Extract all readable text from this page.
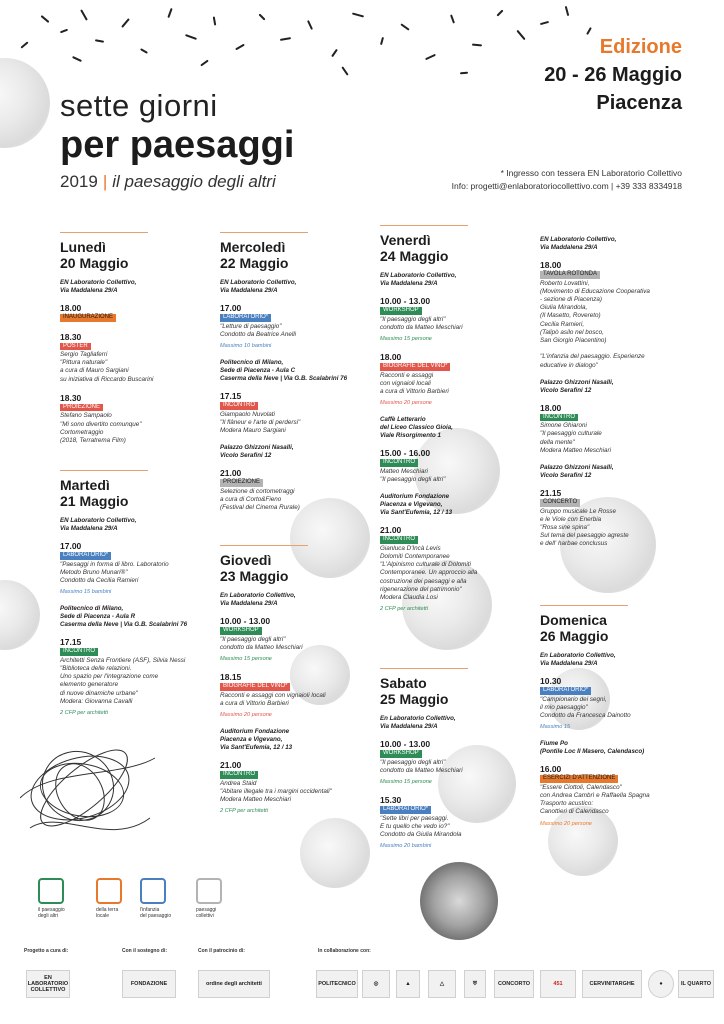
sette giorni
per paesaggi
2019 | il paesaggio degli altri
Edizione
20 - 26 Maggio
Piacenza
* Ingresso con tessera EN Laboratorio Collettivo
Info: progetti@enlaboratoriocollettivo.com | +39 333 8334918
Lunedì
20 Maggio
EN Laboratorio Collettivo,
Via Maddalena 29/A
18.00
INAUGURAZIONE
18.30
POSTER
Sergio Tagliaferri
"Pittura naturale"
a cura di Mauro Sargiani
su iniziativa di Riccardo Buscarini
18.30
PROIEZIONE
Stefano Sampaolo
"Mi sono divertito comunque"
Cortometraggio
(2018, Terratrema Film)
Martedì
21 Maggio
EN Laboratorio Collettivo,
Via Maddalena 29/A
17.00
LABORATORIO*
"Paesaggi in forma di libro. Laboratorio
Metodo Bruno Munari®"
Condotto da Cecilia Ramieri
Massimo 15 bambini
Politecnico di Milano,
Sede di Piacenza - Aula R
Caserma della Neve | Via G.B. Scalabrini 76
17.15
INCONTRO
Architetti Senza Frontiere (ASF), Silvia Nessi
"Biblioteca delle relazioni.
Uno spazio per l'integrazione come
elemento generatore
di nuove dinamiche urbane"
Modera: Giovanna Cavalli
2 CFP per architetti
Mercoledì
22 Maggio
EN Laboratorio Collettivo,
Via Maddalena 29/A
17.00
LABORATORIO*
"Letture di paesaggio"
Condotto da Beatrice Anelli
Massimo 10 bambini
Politecnico di Milano,
Sede di Piacenza - Aula C
Caserma della Neve | Via G.B. Scalabrini 76
17.15
INCONTRO
Giampaolo Nuvolati
"Il flâneur e l'arte di perdersi"
Modera Mauro Sargiani
Palazzo Ghizzoni Nasalli,
Vicolo Serafini 12
21.00
PROIEZIONE
Selezione di cortometraggi
a cura di Corto&Fieno
(Festival del Cinema Rurale)
Giovedì
23 Maggio
En Laboratorio Collettivo,
Via Maddalena 29/A
10.00 - 13.00
WORKSHOP
"Il paesaggio degli altri"
condotto da Matteo Meschiari
Massimo 15 persone
18.15
BIOGRAFIE DEL VINO*
Racconti e assaggi con vignaioli locali
a cura di Vittorio Barbieri
Massimo 20 persone
Auditorium Fondazione
Piacenza e Vigevano,
Via Sant'Eufemia, 12 / 13
21.00
INCONTRO
Andrea Staid
"Abitare illegale tra i margini occidentali"
Modera Matteo Meschiari
2 CFP per architetti
Venerdì
24 Maggio
EN Laboratorio Collettivo,
Via Maddalena 29/A
10.00 - 13.00
WORKSHOP
"Il paesaggio degli altri"
condotto da Matteo Meschiari
Massimo 15 persone
18.00
BIOGRAFIE DEL VINO*
Racconti e assaggi
con vignaioli locali
a cura di Vittorio Barbieri
Massimo 20 persone
Caffè Letterario
del Liceo Classico Gioia,
Viale Risorgimento 1
15.00 - 16.00
INCONTRO
Matteo Meschiari
"Il paesaggio degli altri"
Auditorium Fondazione
Piacenza e Vigevano,
Via Sant'Eufemia, 12 / 13
21.00
INCONTRO
Gianluca D'Incà Levis
Dolomiti Contemporanee
"L'Alpinismo culturale di Dolomiti
Contemporanee. Un approccio alla
costruzione dei paesaggi e alla
rigenerazione del patrimonio"
Modera Claudia Losi
2 CFP per architetti
Sabato
25 Maggio
En Laboratorio Collettivo,
Via Maddalena 29/A
10.00 - 13.00
WORKSHOP
"Il paesaggio degli altri"
condotto da Matteo Meschiari
Massimo 15 persone
15.30
LABORATORIO*
"Sette libri per paesaggi.
E tu quello che vedo io?"
Condotto da Giulia Mirandola
Massimo 20 bambini
EN Laboratorio Collettivo,
Via Maddalena 29/A
18.00
TAVOLA ROTONDA
Roberto Lovattini,
(Movimento di Educazione Cooperativa
- sezione di Piacenza)
Giulia Mirandola,
(Il Masetto, Rovereto)
Cecilia Ramieri,
(Talipò asilo nel bosco,
San Giorgio Piacentino)

"L'infanzia del paesaggio. Esperienze
educative in dialogo"
Palazzo Ghizzoni Nasalli,
Vicolo Serafini 12
18.00
INCONTRO
Simone Ghiaroni
"Il paesaggio culturale
della mente"
Modera Matteo Meschiari
Palazzo Ghizzoni Nasalli,
Vicolo Serafini 12
21.15
CONCERTO
Gruppo musicale Le Rosse
e le Viole con Enerbia
"Rosa sine spina"
Sul tema del paesaggio agreste
e dell' harbae conclusus
Domenica
26 Maggio
En Laboratorio Collettivo,
Via Maddalena 29/A
10.30
LABORATORIO*
"Campionario dei segni,
il mio paesaggio"
Condotto da Francesca Dainotto
Massimo 15
Fiume Po
(Pontile Loc Il Masero, Calendasco)
16.00
ESERCIZI D'ATTENZIONE
"Essere Ciottoli, Calendasco"
con Andrea Cambrì e Raffaella Spagna
Trasporto acustico:
Canottieri di Calendasco
Massimo 20 persone
il paesaggio
degli altri
della terra
locale
l'infanzia
del paesaggio
paesaggi
collettivi
Progetto a cura di:	Con il sostegno di:	Con il patrocinio di:	In collaborazione con:
EN LABORATORIO COLLETTIVO
FONDAZIONE	ordine degli architetti	POLITECNICO	◎	▲	△	⛨	CONCORTO	451	CERVINITARGHE	●	IL QUARTO
